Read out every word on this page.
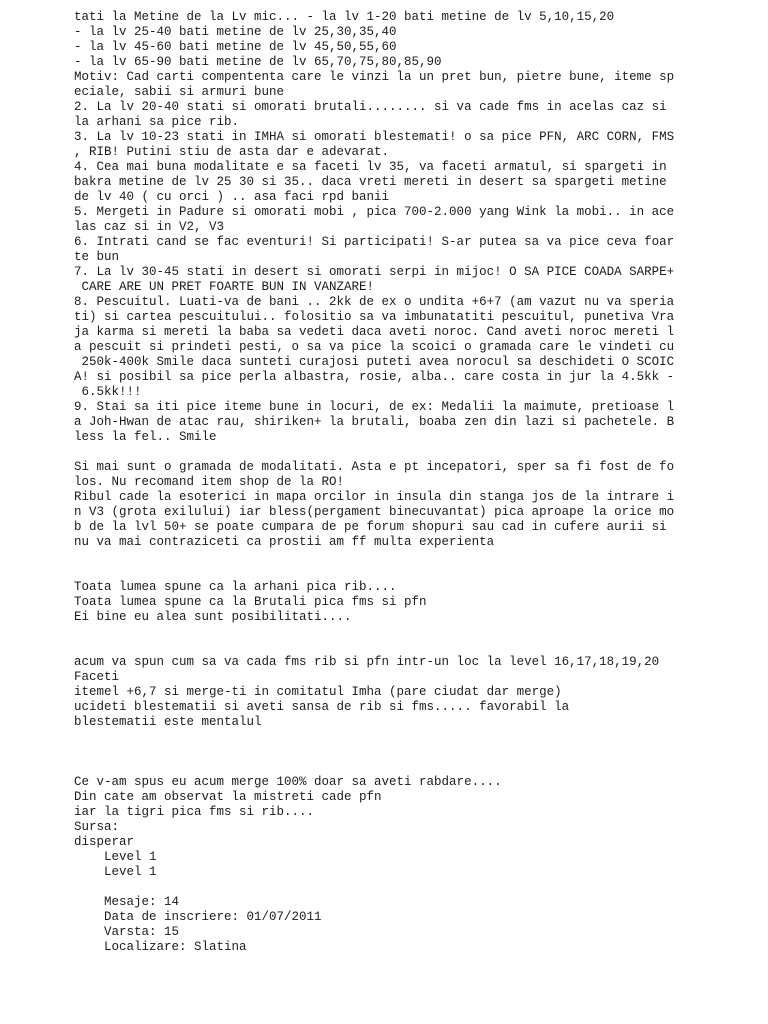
tati la Metine de la Lv mic... - la lv 1-20 bati metine de lv 5,10,15,20
- la lv 25-40 bati metine de lv 25,30,35,40
- la lv 45-60 bati metine de lv 45,50,55,60
- la lv 65-90 bati metine de lv 65,70,75,80,85,90
Motiv: Cad carti compententa care le vinzi la un pret bun, pietre bune, iteme sp
eciale, sabii si armuri bune
2. La lv 20-40 stati si omorati brutali........ si va cade fms in acelas caz si
la arhani sa pice rib.
3. La lv 10-23 stati in IMHA si omorati blestemati! o sa pice PFN, ARC CORN, FMS
, RIB! Putini stiu de asta dar e adevarat.
4. Cea mai buna modalitate e sa faceti lv 35, va faceti armatul, si spargeti in
bakra metine de lv 25 30 si 35.. daca vreti mereti in desert sa spargeti metine
de lv 40 ( cu orci ) .. asa faci rpd banii
5. Mergeti in Padure si omorati mobi , pica 700-2.000 yang Wink la mobi.. in ace
las caz si in V2, V3
6. Intrati cand se fac eventuri! Si participati! S-ar putea sa va pice ceva foar
te bun
7. La lv 30-45 stati in desert si omorati serpi in mijoc! O SA PICE COADA SARPE+
CARE ARE UN PRET FOARTE BUN IN VANZARE!
8. Pescuitul. Luati-va de bani .. 2kk de ex o undita +6+7 (am vazut nu va speria
ti) si cartea pescuitului.. folositio sa va imbunatatiti pescuitul, punetiva Vra
ja karma si mereti la baba sa vedeti daca aveti noroc. Cand aveti noroc mereti l
a pescuit si prindeti pesti, o sa va pice la scoici o gramada care le vindeti cu
250k-400k Smile daca sunteti curajosi puteti avea norocul sa deschideti O SCOIC
A! si posibil sa pice perla albastra, rosie, alba.. care costa in jur la 4.5kk -
6.5kk!!!
9. Stai sa iti pice iteme bune in locuri, de ex: Medalii la maimute, pretioase l
a Joh-Hwan de atac rau, shiriken+ la brutali, boaba zen din lazi si pachetele. B
less la fel.. Smile
Si mai sunt o gramada de modalitati. Asta e pt incepatori, sper sa fi fost de fo
los. Nu recomand item shop de la RO!
Ribul cade la esoterici in mapa orcilor in insula din stanga jos de la intrare i
n V3 (grota exilului) iar bless(pergament binecuvantat) pica aproape la orice mo
b de la lvl 50+ se poate cumpara de pe forum shopuri sau cad in cufere aurii si
nu va mai contraziceti ca prostii am ff multa experienta
Toata lumea spune ca la arhani pica rib....
Toata lumea spune ca la Brutali pica fms si pfn
Ei bine eu alea sunt posibilitati....
acum va spun cum sa va cada fms rib si pfn intr-un loc la level 16,17,18,19,20
Faceti
itemel +6,7 si merge-ti in comitatul Imha (pare ciudat dar merge)
ucideti blestematii si aveti sansa de rib si fms..... favorabil la
blestematii este mentalul
Ce v-am spus eu acum merge 100% doar sa aveti rabdare....
Din cate am observat la mistreti cade pfn
iar la tigri pica fms si rib....
Sursa:
disperar
Level 1
Level 1
Mesaje: 14
Data de inscriere: 01/07/2011
Varsta: 15
Localizare: Slatina
